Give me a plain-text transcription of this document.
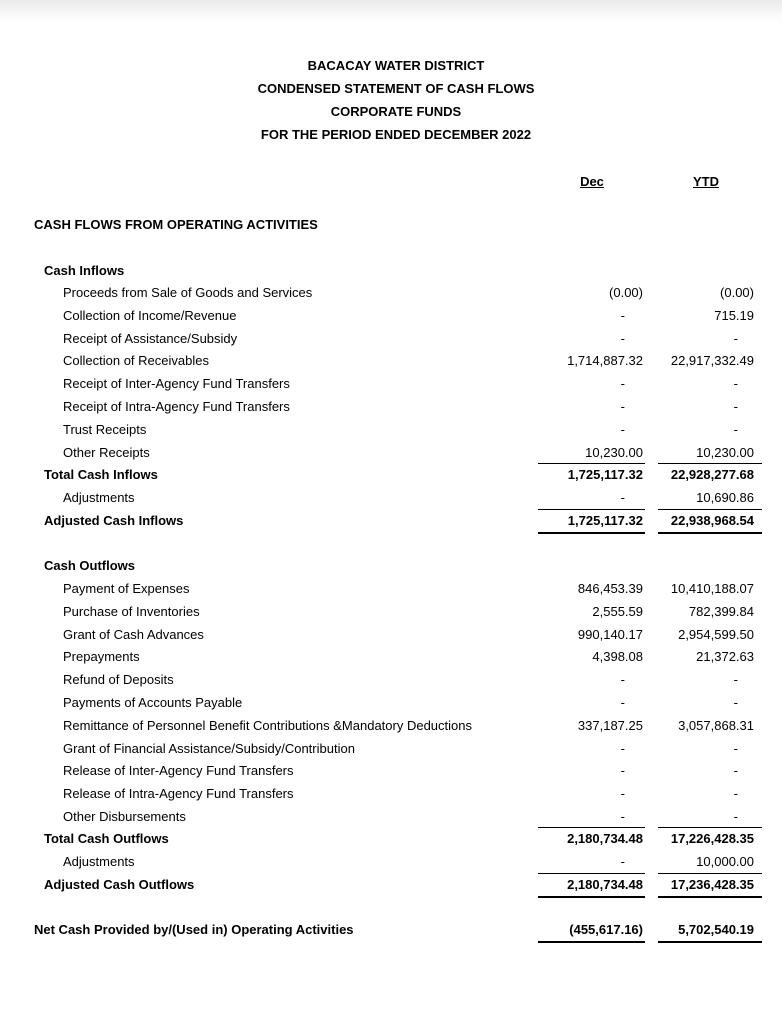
BACACAY WATER DISTRICT
CONDENSED STATEMENT OF CASH FLOWS
CORPORATE FUNDS
FOR THE PERIOD ENDED DECEMBER 2022
Dec	YTD
CASH FLOWS FROM OPERATING ACTIVITIES
Cash Inflows
Proceeds from Sale of Goods and Services	(0.00)	(0.00)
Collection of Income/Revenue	-	715.19
Receipt of Assistance/Subsidy	-	-
Collection of Receivables	1,714,887.32 22,917,332.49
Receipt of Inter-Agency Fund Transfers	-	-
Receipt of Intra-Agency Fund Transfers	-	-
Trust Receipts	-	-
Other Receipts	10,230.00	10,230.00
Total Cash Inflows	1,725,117.32 22,928,277.68
Adjustments	-	10,690.86
Adjusted Cash Inflows	1,725,117.32 22,938,968.54
Cash Outflows
Payment of Expenses	846,453.39 10,410,188.07
Purchase of Inventories	2,555.59	782,399.84
Grant of Cash Advances	990,140.17	2,954,599.50
Prepayments	4,398.08	21,372.63
Refund of Deposits	-	-
Payments of Accounts Payable	-	-
Remittance of Personnel Benefit Contributions &Mandatory Deductions	337,187.25	3,057,868.31
Grant of Financial Assistance/Subsidy/Contribution	-	-
Release of Inter-Agency Fund Transfers	-	-
Release of Intra-Agency Fund Transfers	-	-
Other Disbursements	-	-
Total Cash Outflows	2,180,734.48 17,226,428.35
Adjustments	-	10,000.00
Adjusted Cash Outflows	2,180,734.48 17,236,428.35
Net Cash Provided by/(Used in) Operating Activities	(455,617.16)	5,702,540.19
